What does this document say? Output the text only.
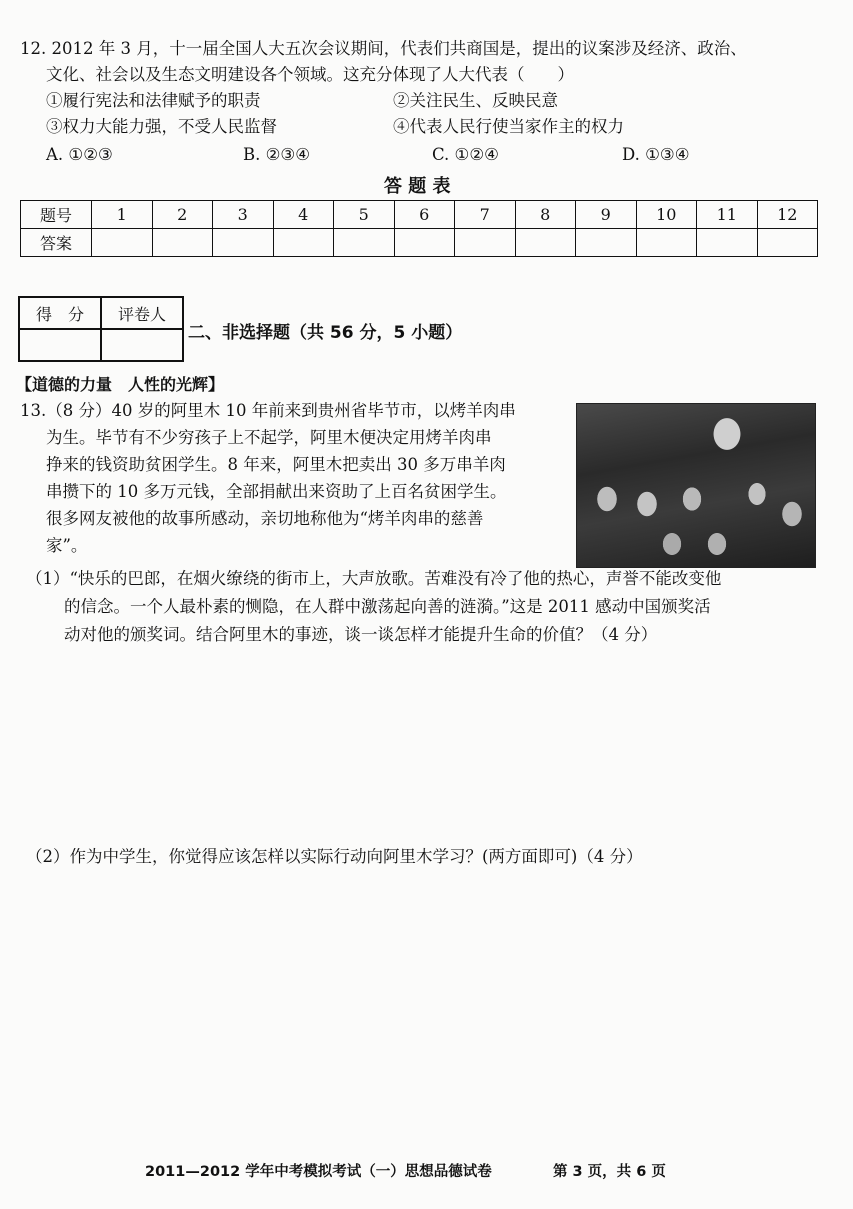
12. 2012 年 3 月，十一届全国人大五次会议期间，代表们共商国是，提出的议案涉及经济、政治、
文化、社会以及生态文明建设各个领域。这充分体现了人大代表（　　）
①履行宪法和法律赋予的职责	②关注民生、反映民意
③权力大能力强，不受人民监督	④代表人民行使当家作主的权力
A. ①②③	B. ②③④	C. ①②④	D. ①③④
答 题 表
题号	1	2	3	4	5	6	7	8	9	10	11	12
答案												
得　分	评卷人

二、非选择题（共 56 分，5 小题）
【道德的力量　人性的光辉】
13.（8 分）40 岁的阿里木 10 年前来到贵州省毕节市，以烤羊肉串
为生。毕节有不少穷孩子上不起学，阿里木便决定用烤羊肉串
挣来的钱资助贫困学生。8 年来，阿里木把卖出 30 多万串羊肉
串攒下的 10 多万元钱，全部捐献出来资助了上百名贫困学生。
很多网友被他的故事所感动，亲切地称他为“烤羊肉串的慈善
家”。
（1）“快乐的巴郎，在烟火缭绕的街市上，大声放歌。苦难没有冷了他的热心，声誉不能改变他
的信念。一个人最朴素的恻隐，在人群中激荡起向善的涟漪。”这是 2011 感动中国颁奖活
动对他的颁奖词。结合阿里木的事迹，谈一谈怎样才能提升生命的价值？（4 分）
（2）作为中学生，你觉得应该怎样以实际行动向阿里木学习？(两方面即可)（4 分）
2011—2012 学年中考模拟考试（一）思想品德试卷	第 3 页，共 6 页
